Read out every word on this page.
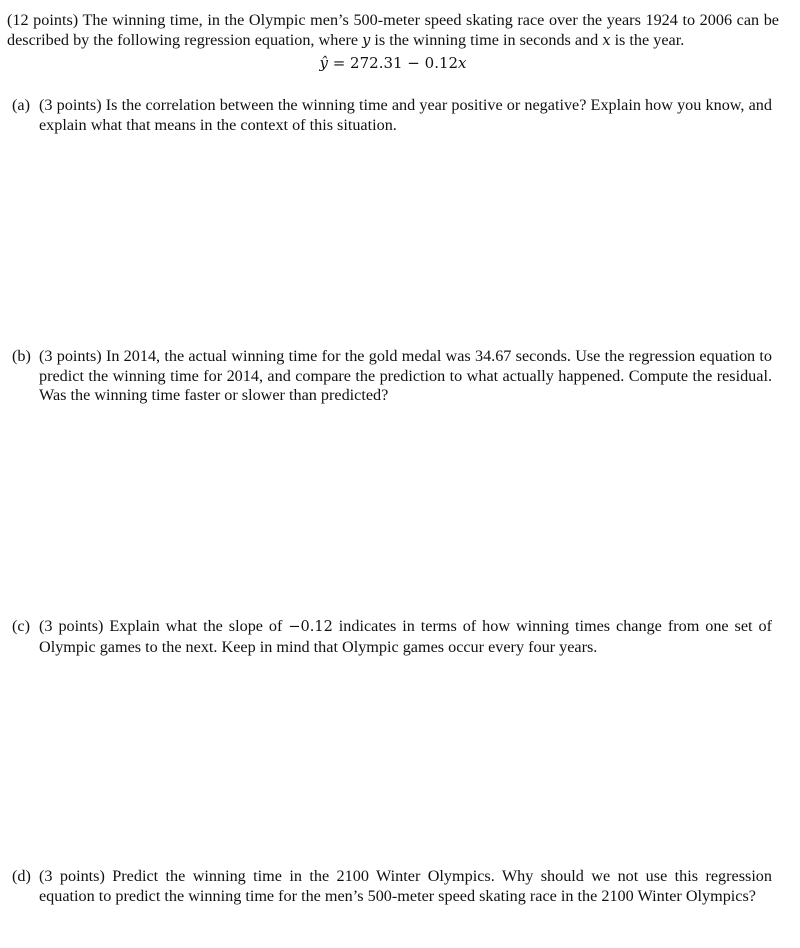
(12 points) The winning time, in the Olympic men’s 500-meter speed skating race over the years 1924 to 2006 can be described by the following regression equation, where y is the winning time in seconds and x is the year.

ŷ = 272.31 − 0.12x
(a) (3 points) Is the correlation between the winning time and year positive or negative? Explain how you know, and explain what that means in the context of this situation.
(b) (3 points) In 2014, the actual winning time for the gold medal was 34.67 seconds. Use the regression equation to predict the winning time for 2014, and compare the prediction to what actually happened. Compute the residual. Was the winning time faster or slower than predicted?
(c) (3 points) Explain what the slope of −0.12 indicates in terms of how winning times change from one set of Olympic games to the next. Keep in mind that Olympic games occur every four years.
(d) (3 points) Predict the winning time in the 2100 Winter Olympics. Why should we not use this regression equation to predict the winning time for the men’s 500-meter speed skating race in the 2100 Winter Olympics?
